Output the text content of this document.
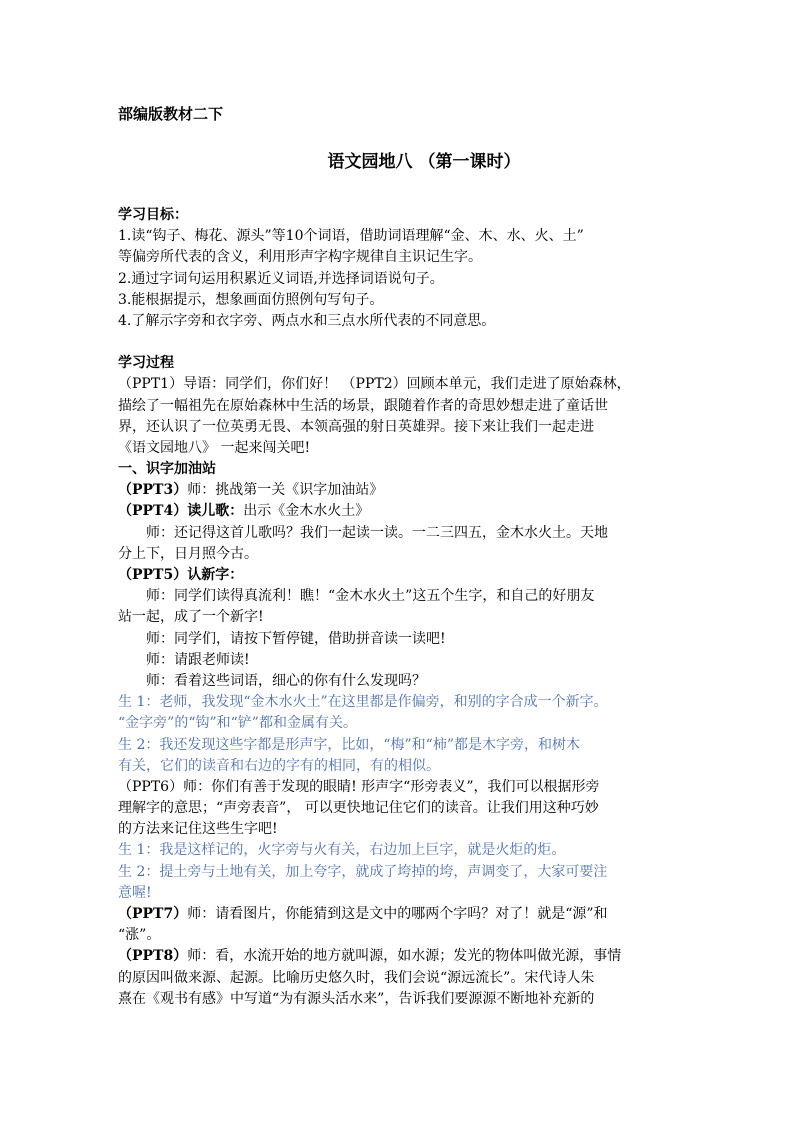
部编版教材二下
语文园地八 （第一课时）
学习目标：
1.读“钩子、梅花、源头”等10个词语，借助词语理解“金、木、水、火、土”
等偏旁所代表的含义，利用形声字构字规律自主识记生字。
2.通过字词句运用积累近义词语,并选择词语说句子。
3.能根据提示，想象画面仿照例句写句子。
4.了解示字旁和衣字旁、两点水和三点水所代表的不同意思。
学习过程
（PPT1）导语：同学们，你们好！ （PPT2）回顾本单元，我们走进了原始森林，
描绘了一幅祖先在原始森林中生活的场景，跟随着作者的奇思妙想走进了童话世
界，还认识了一位英勇无畏、本领高强的射日英雄羿。接下来让我们一起走进
《语文园地八》 一起来闯关吧!
一、识字加油站
（PPT3）师：挑战第一关《识字加油站》
（PPT4）读儿歌：出示《金木水火土》
师：还记得这首儿歌吗？我们一起读一读。一二三四五，金木水火土。天地
分上下，日月照今古。
（PPT5）认新字：
师：同学们读得真流利！瞧！“金木水火土”这五个生字，和自己的好朋友
站一起，成了一个新字!
师：同学们，请按下暂停键，借助拼音读一读吧!
师：请跟老师读!
师：看着这些词语，细心的你有什么发现吗？
生 1：老师，我发现“金木水火土”在这里都是作偏旁，和别的字合成一个新字。
“金字旁”的“钩”和“铲”都和金属有关。
生 2：我还发现这些字都是形声字，比如，“梅”和“柿”都是木字旁，和树木
有关，它们的读音和右边的字有的相同，有的相似。
（PPT6）师：你们有善于发现的眼睛! 形声字“形旁表义”，我们可以根据形旁
理解字的意思；“声旁表音”， 可以更快地记住它们的读音。让我们用这种巧妙
的方法来记住这些生字吧!
生 1：我是这样记的，火字旁与火有关，右边加上巨字，就是火炬的炬。
生 2：提土旁与土地有关，加上夸字，就成了垮掉的垮，声调变了，大家可要注
意喔!
（PPT7）师：请看图片，你能猜到这是文中的哪两个字吗？对了！就是“源”和
“涨”。
（PPT8）师：看，水流开始的地方就叫源，如水源；发光的物体叫做光源，事情
的原因叫做来源、起源。比喻历史悠久时，我们会说“源远流长”。宋代诗人朱
熹在《观书有感》中写道“为有源头活水来”，告诉我们要源源不断地补充新的
